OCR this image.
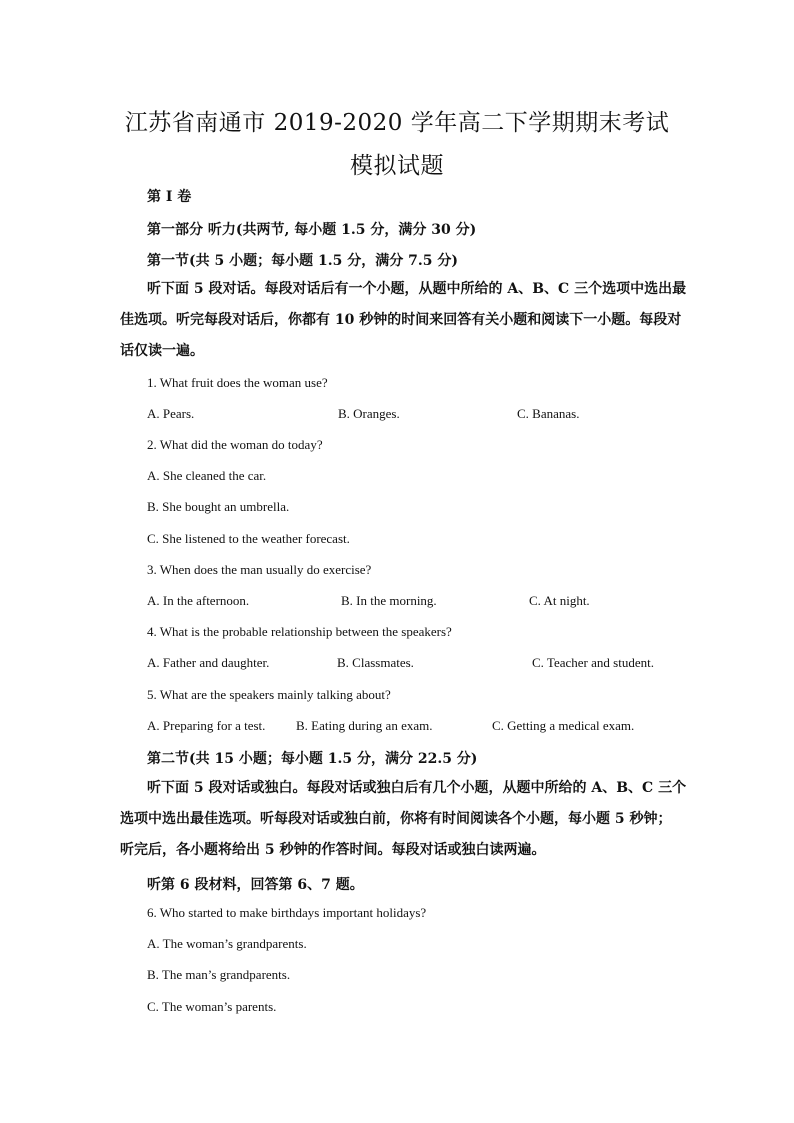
江苏省南通市 2019-2020 学年高二下学期期末考试
模拟试题
第 I 卷
第一部分 听力(共两节, 每小题 1.5 分，满分 30 分)
第一节(共 5 小题；每小题 1.5 分，满分 7.5 分)
听下面 5 段对话。每段对话后有一个小题，从题中所给的 A、B、C 三个选项中选出最
佳选项。听完每段对话后，你都有 10 秒钟的时间来回答有关小题和阅读下一小题。每段对
话仅读一遍。
1. What fruit does the woman use?
A. Pears.	B. Oranges.	C. Bananas.
2. What did the woman do today?
A. She cleaned the car.
B. She bought an umbrella.
C. She listened to the weather forecast.
3. When does the man usually do exercise?
A. In the afternoon.	B. In the morning.	C. At night.
4. What is the probable relationship between the speakers?
A. Father and daughter.	B. Classmates.	C. Teacher and student.
5. What are the speakers mainly talking about?
A. Preparing for a test. B. Eating during an exam.	C. Getting a medical exam.
第二节(共 15 小题；每小题 1.5 分，满分 22.5 分)
听下面 5 段对话或独白。每段对话或独白后有几个小题，从题中所给的 A、B、C 三个
选项中选出最佳选项。听每段对话或独白前，你将有时间阅读各个小题，每小题 5 秒钟；
听完后，各小题将给出 5 秒钟的作答时间。每段对话或独白读两遍。
听第 6 段材料，回答第 6、7 题。
6. Who started to make birthdays important holidays?
A. The woman’s grandparents.
B. The man’s grandparents.
C. The woman’s parents.
